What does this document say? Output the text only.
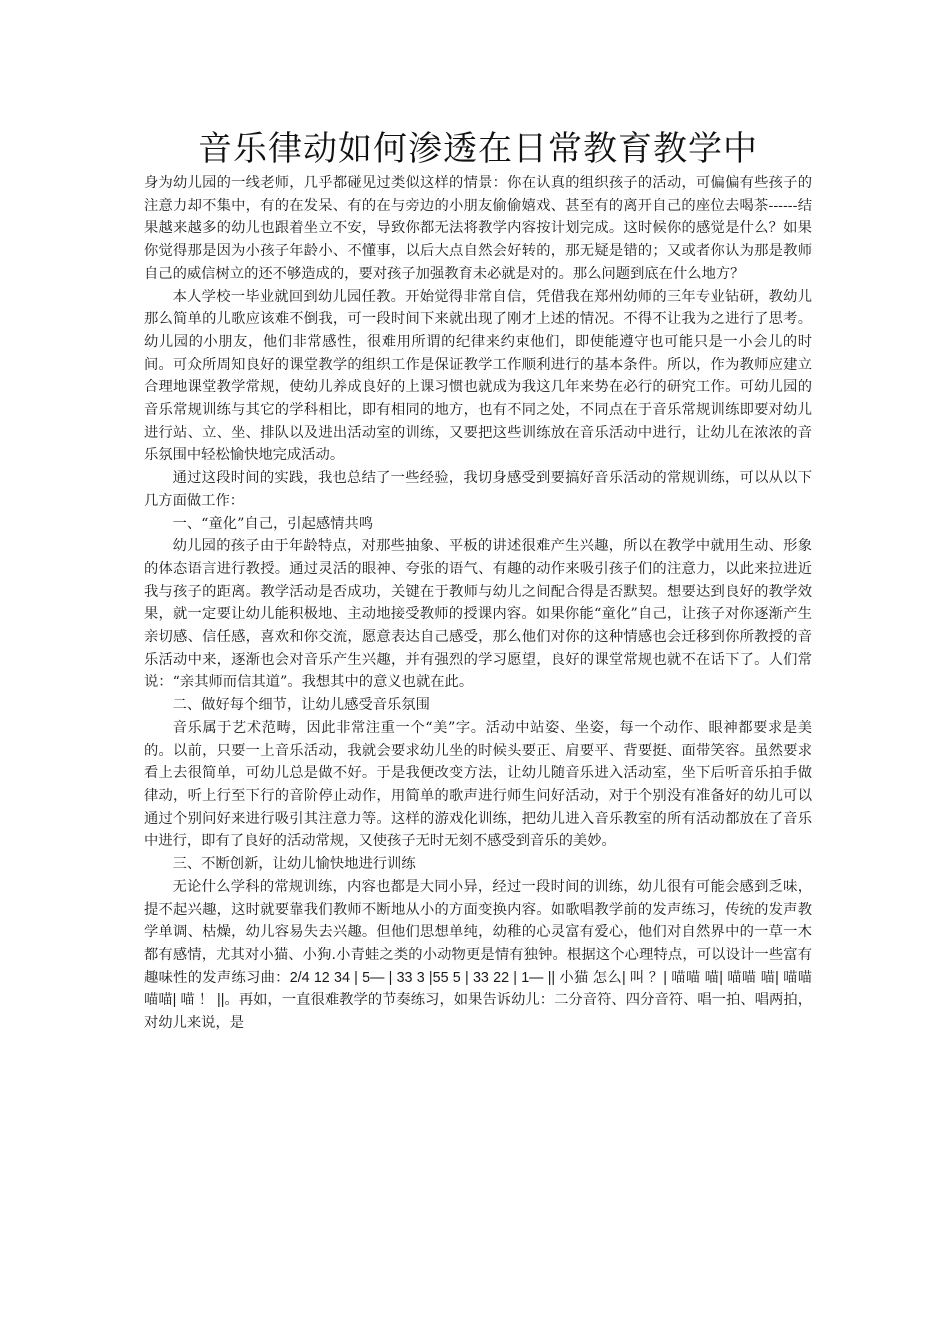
音乐律动如何渗透在日常教育教学中

身为幼儿园的一线老师，几乎都碰见过类似这样的情景：你在认真的组织孩子的活动，可偏偏有些孩子的注意力却不集中，有的在发呆、有的在与旁边的小朋友偷偷嬉戏、甚至有的离开自己的座位去喝茶------结果越来越多的幼儿也跟着坐立不安，导致你都无法将教学内容按计划完成。这时候你的感觉是什么？如果你觉得那是因为小孩子年龄小、不懂事，以后大点自然会好转的，那无疑是错的；又或者你认为那是教师自己的威信树立的还不够造成的，要对孩子加强教育未必就是对的。那么问题到底在什么地方？

本人学校一毕业就回到幼儿园任教。开始觉得非常自信，凭借我在郑州幼师的三年专业钻研，教幼儿那么简单的儿歌应该难不倒我，可一段时间下来就出现了刚才上述的情况。不得不让我为之进行了思考。幼儿园的小朋友，他们非常感性，很难用所谓的纪律来约束他们，即使能遵守也可能只是一小会儿的时间。可众所周知良好的课堂教学的组织工作是保证教学工作顺利进行的基本条件。所以，作为教师应建立合理地课堂教学常规，使幼儿养成良好的上课习惯也就成为我这几年来势在必行的研究工作。可幼儿园的音乐常规训练与其它的学科相比，即有相同的地方，也有不同之处，不同点在于音乐常规训练即要对幼儿进行站、立、坐、排队以及进出活动室的训练，又要把这些训练放在音乐活动中进行，让幼儿在浓浓的音乐氛围中轻松愉快地完成活动。

通过这段时间的实践，我也总结了一些经验，我切身感受到要搞好音乐活动的常规训练，可以从以下几方面做工作：

一、“童化”自己，引起感情共鸣

幼儿园的孩子由于年龄特点，对那些抽象、平板的讲述很难产生兴趣，所以在教学中就用生动、形象的体态语言进行教授。通过灵活的眼神、夸张的语气、有趣的动作来吸引孩子们的注意力，以此来拉进近我与孩子的距离。教学活动是否成功，关键在于教师与幼儿之间配合得是否默契。想要达到良好的教学效果，就一定要让幼儿能积极地、主动地接受教师的授课内容。如果你能“童化”自己，让孩子对你逐渐产生亲切感、信任感，喜欢和你交流，愿意表达自己感受，那么他们对你的这种情感也会迁移到你所教授的音乐活动中来，逐渐也会对音乐产生兴趣，并有强烈的学习愿望，良好的课堂常规也就不在话下了。人们常说：“亲其师而信其道”。我想其中的意义也就在此。

二、做好每个细节，让幼儿感受音乐氛围

音乐属于艺术范畴，因此非常注重一个“美”字。活动中站姿、坐姿，每一个动作、眼神都要求是美的。以前，只要一上音乐活动，我就会要求幼儿坐的时候头要正、肩要平、背要挺、面带笑容。虽然要求看上去很简单，可幼儿总是做不好。于是我便改变方法，让幼儿随音乐进入活动室，坐下后听音乐拍手做律动，听上行至下行的音阶停止动作，用简单的歌声进行师生问好活动，对于个别没有准备好的幼儿可以通过个别问好来进行吸引其注意力等。这样的游戏化训练，把幼儿进入音乐教室的所有活动都放在了音乐中进行，即有了良好的活动常规，又使孩子无时无刻不感受到音乐的美妙。

三、不断创新，让幼儿愉快地进行训练

无论什么学科的常规训练，内容也都是大同小异，经过一段时间的训练，幼儿很有可能会感到乏味，提不起兴趣，这时就要靠我们教师不断地从小的方面变换内容。如歌唱教学前的发声练习，传统的发声教学单调、枯燥，幼儿容易失去兴趣。但他们思想单纯，幼稚的心灵富有爱心，他们对自然界中的一草一木都有感情，尤其对小猫、小狗.小青蛙之类的小动物更是情有独钟。根据这个心理特点，可以设计一些富有趣味性的发声练习曲：2/4 12 34 | 5— | 33 3 |55 5 | 33 22 | 1— || 小猫 怎么| 叫 ？| 喵喵 喵| 喵喵 喵| 喵喵 喵喵| 喵 ！ ||。再如，一直很难教学的节奏练习，如果告诉幼儿：二分音符、四分音符、唱一拍、唱两拍，对幼儿来说，是
